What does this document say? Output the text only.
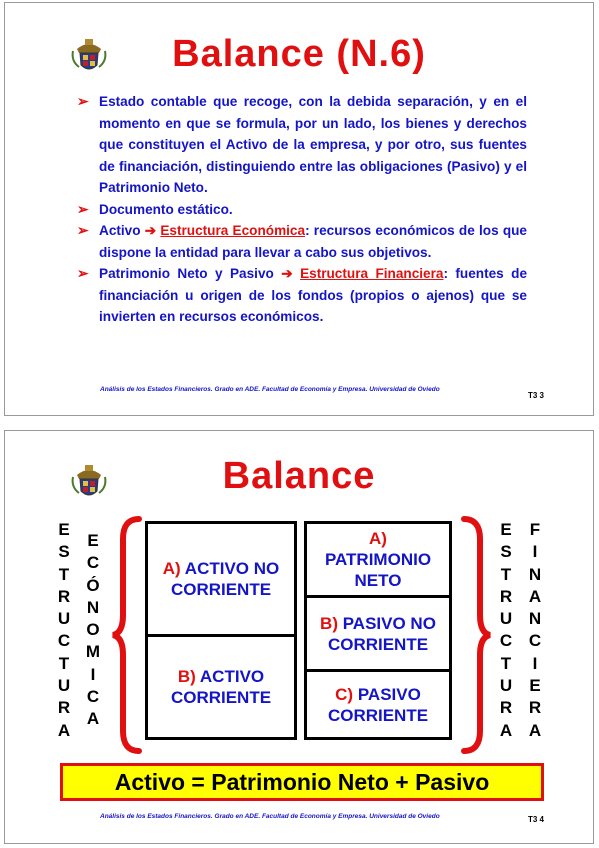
Balance (N.6)
➢ Estado contable que recoge, con la debida separación, y en el momento en que se formula, por un lado, los bienes y derechos que constituyen el Activo de la empresa, y por otro, sus fuentes de financiación, distinguiendo entre las obligaciones (Pasivo) y el Patrimonio Neto.
➢ Documento estático.
➢ Activo ➔ Estructura Económica: recursos económicos de los que dispone la entidad para llevar a cabo sus objetivos.
➢ Patrimonio Neto y Pasivo ➔ Estructura Financiera: fuentes de financiación u origen de los fondos (propios o ajenos) que se invierten en recursos económicos.
Análisis de los Estados Financieros. Grado en ADE. Facultad de Economía y Empresa. Universidad de Oviedo
T3 3
Balance
E
S
T
R
U
C
T
U
R
A
E
C
Ó
N
O
M
I
C
A
E
S
T
R
U
C
T
U
R
A
F
I
N
A
N
C
I
E
R
A
A) ACTIVO NO CORRIENTE
B) ACTIVO CORRIENTE
A)
PATRIMONIO NETO
B) PASIVO NO CORRIENTE
C) PASIVO CORRIENTE
Activo = Patrimonio Neto + Pasivo
Análisis de los Estados Financieros. Grado en ADE. Facultad de Economía y Empresa. Universidad de Oviedo	T3 4
